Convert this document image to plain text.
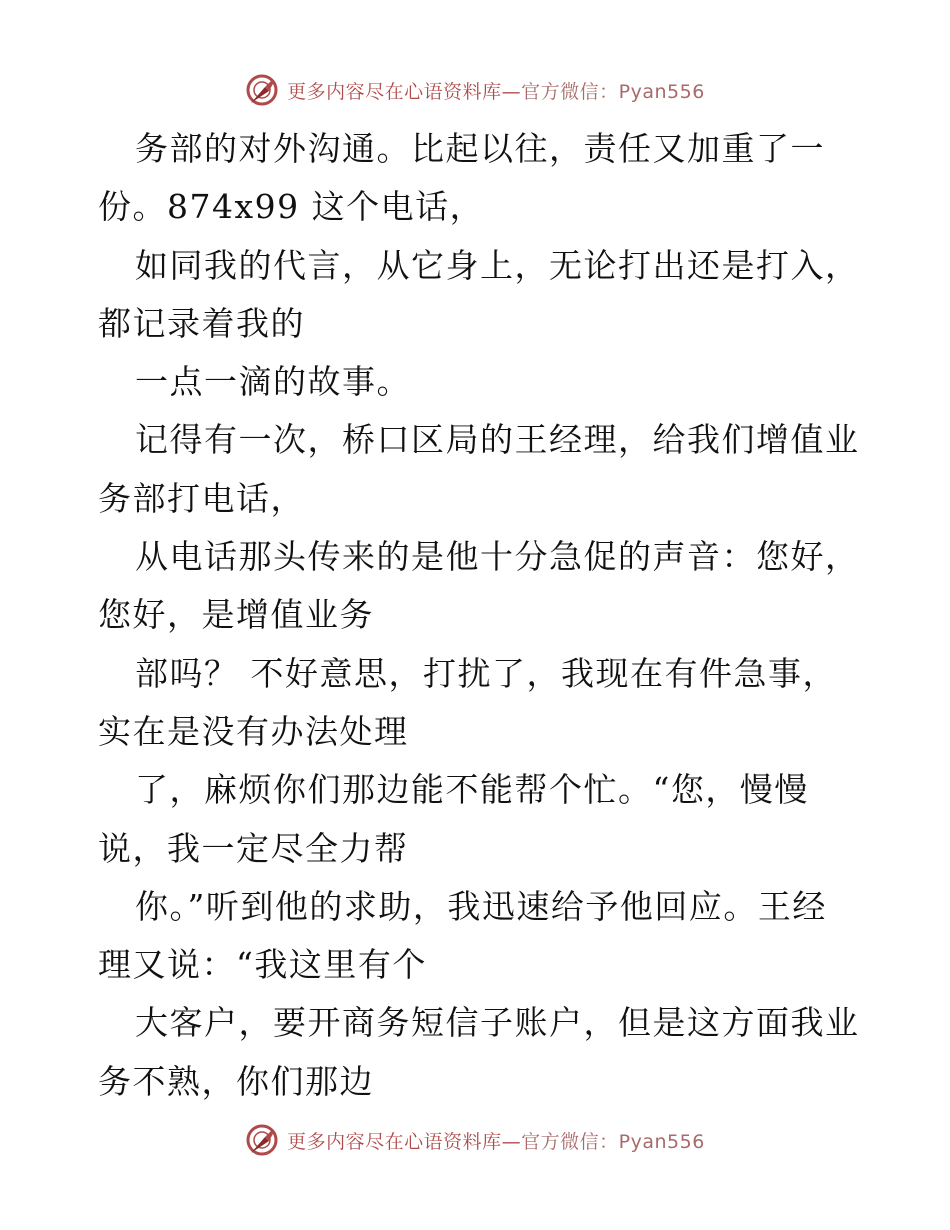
更多内容尽在心语资料库—官方微信：Pyan556
务部的对外沟通。比起以往，责任又加重了一
份。874x99 这个电话，
如同我的代言，从它身上，无论打出还是打入，
都记录着我的
一点一滴的故事。
记得有一次，桥口区局的王经理，给我们增值业
务部打电话，
从电话那头传来的是他十分急促的声音：您好，
您好，是增值业务
部吗？ 不好意思，打扰了，我现在有件急事，
实在是没有办法处理
了，麻烦你们那边能不能帮个忙。“您，慢慢
说，我一定尽全力帮
你。”听到他的求助，我迅速给予他回应。王经
理又说：“我这里有个
大客户，要开商务短信子账户，但是这方面我业
务不熟，你们那边
更多内容尽在心语资料库—官方微信：Pyan556
